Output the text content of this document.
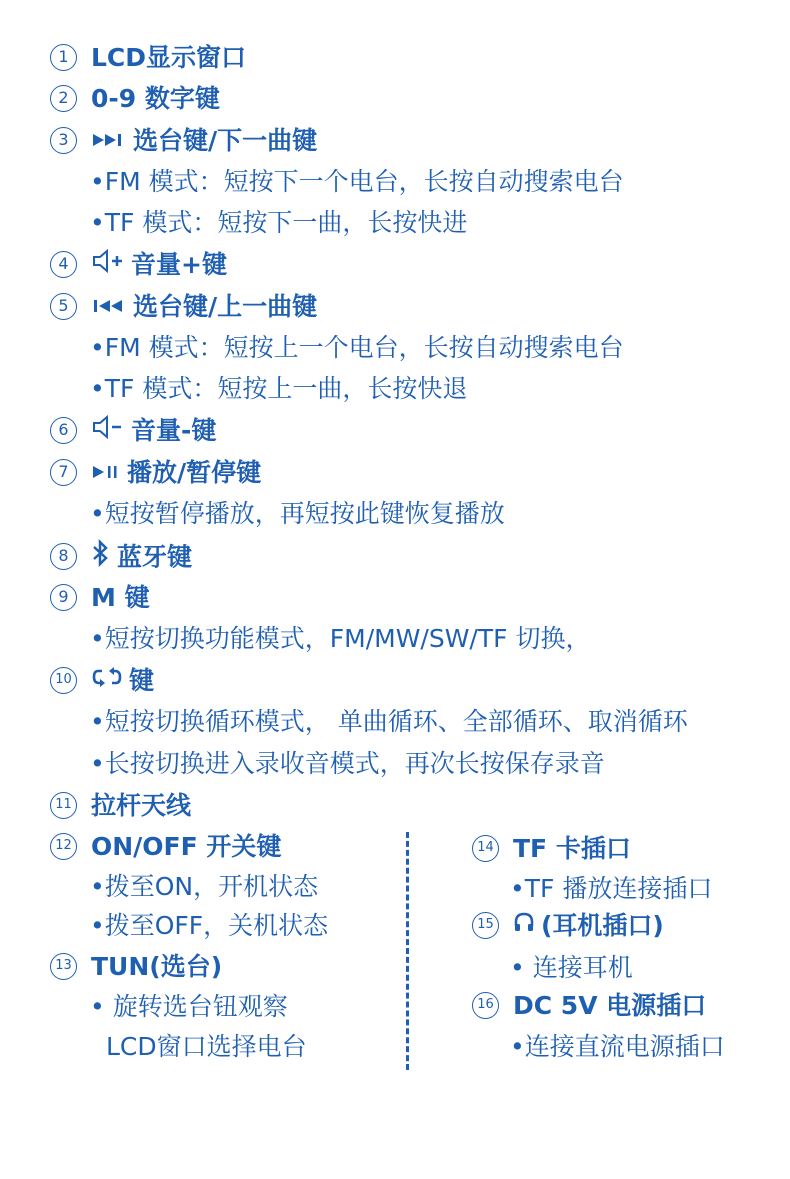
1 LCD显示窗口
2 0-9 数字键
3	选台键/下一曲键
•FM 模式：短按下一个电台，长按自动搜索电台
•TF 模式：短按下一曲，长按快进
4 音量+键
5	选台键/上一曲键
•FM 模式：短按上一个电台，长按自动搜索电台
•TF 模式：短按上一曲，长按快退
6 音量-键
7 播放/暂停键
•短按暂停播放，再短按此键恢复播放
8 蓝牙键
9 M 键
•短按切换功能模式，FM/MW/SW/TF 切换，
10 键
•短按切换循环模式， 单曲循环、全部循环、取消循环
•长按切换进入录收音模式，再次长按保存录音
11 拉杆天线
12 ON/OFF 开关键
•拨至ON，开机状态
•拨至OFF，关机状态
13 TUN(选台)
• 旋转选台钮观察
LCD窗口选择电台
14 TF 卡插口
•TF 播放连接插口
15 (耳机插口)
• 连接耳机
16 DC 5V 电源插口
•连接直流电源插口
